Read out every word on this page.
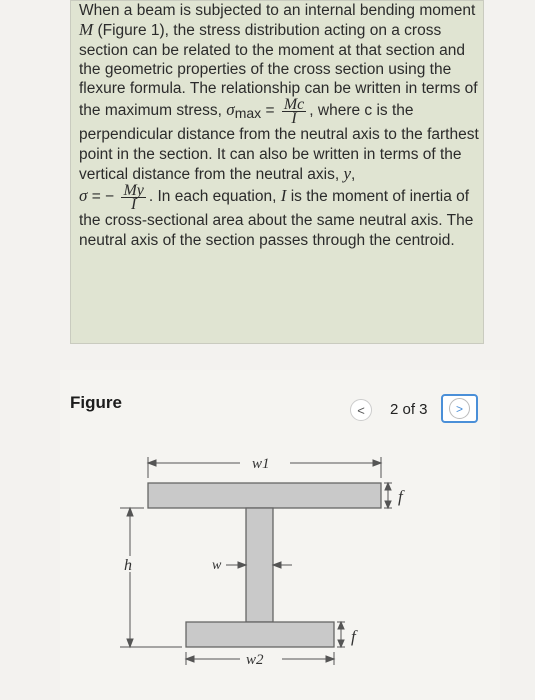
When a beam is subjected to an internal bending moment M (Figure 1), the stress distribution acting on a cross section can be related to the moment at that section and the geometric properties of the cross section using the flexure formula. The relationship can be written in terms of the maximum stress, $\sigma\max = \frac{Mc}{I}$ , where c is the perpendicular distance from the neutral axis to the farthest point in the section. It can also be written in terms of the vertical distance from the neutral axis, y,
σ = − $\frac{My}{I}$ . In each equation, I is the moment of inertia of the cross-sectional area about the same neutral axis. The neutral axis of the section passes through the centroid.
Figure	< 2 of 3	>
w1
w2
w
h
f
f
